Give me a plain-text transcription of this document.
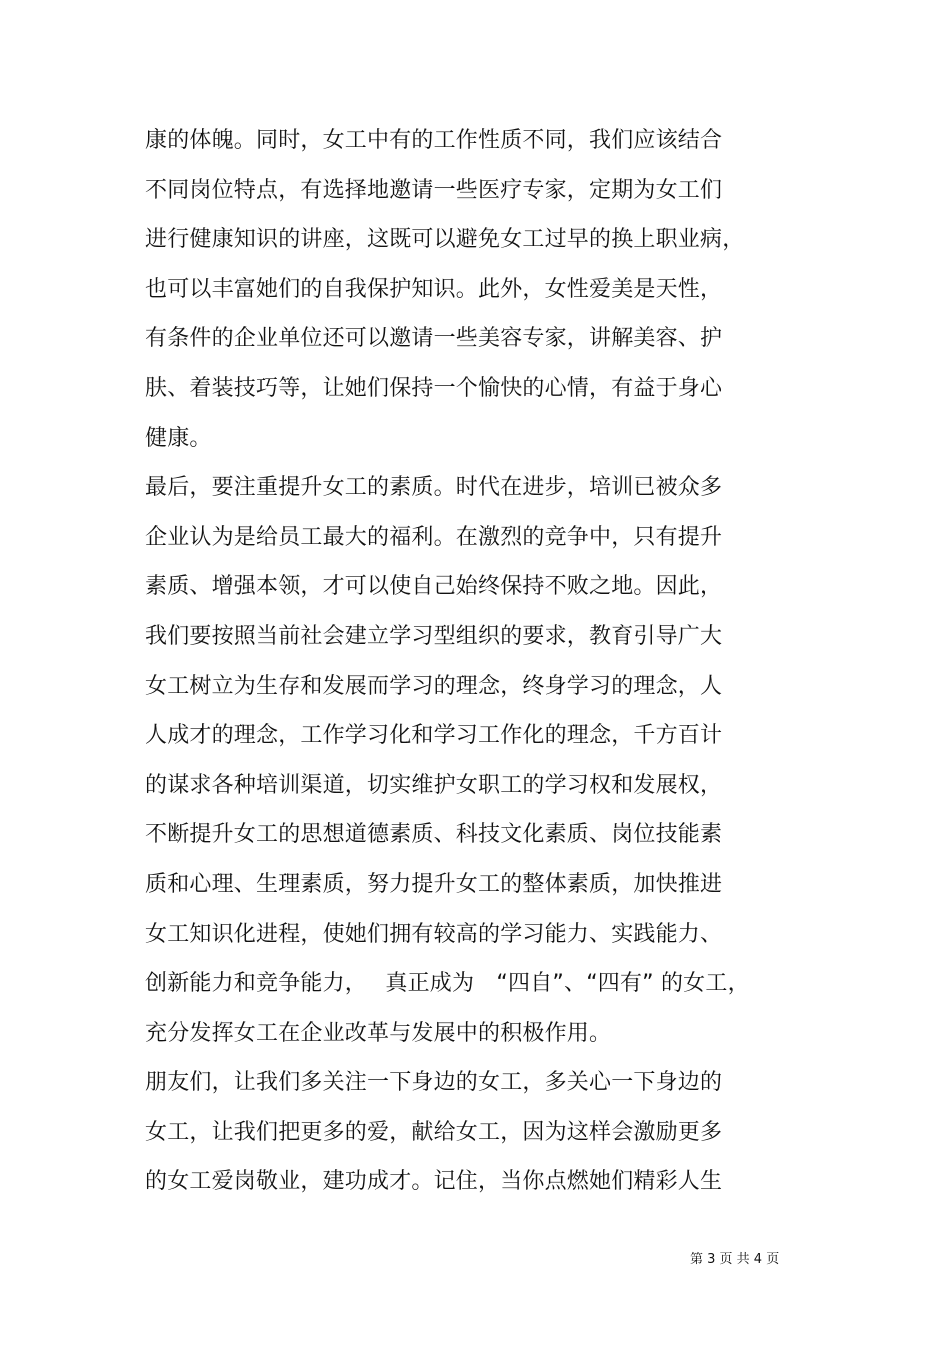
康的体魄。同时，女工中有的工作性质不同，我们应该结合
不同岗位特点，有选择地邀请一些医疗专家，定期为女工们
进行健康知识的讲座，这既可以避免女工过早的换上职业病，
也可以丰富她们的自我保护知识。此外，女性爱美是天性，
有条件的企业单位还可以邀请一些美容专家，讲解美容、护
肤、着装技巧等，让她们保持一个愉快的心情，有益于身心
健康。
最后，要注重提升女工的素质。时代在进步，培训已被众多
企业认为是给员工最大的福利。在激烈的竞争中，只有提升
素质、增强本领，才可以使自己始终保持不败之地。因此，
我们要按照当前社会建立学习型组织的要求，教育引导广大
女工树立为生存和发展而学习的理念，终身学习的理念，人
人成才的理念，工作学习化和学习工作化的理念，千方百计
的谋求各种培训渠道，切实维护女职工的学习权和发展权，
不断提升女工的思想道德素质、科技文化素质、岗位技能素
质和心理、生理素质，努力提升女工的整体素质，加快推进
女工知识化进程，使她们拥有较高的学习能力、实践能力、
创新能力和竞争能力，　 真正成为　“四自”、“四有” 的女工，
充分发挥女工在企业改革与发展中的积极作用。
朋友们，让我们多关注一下身边的女工，多关心一下身边的
女工，让我们把更多的爱，献给女工，因为这样会激励更多
的女工爱岗敬业，建功成才。记住，当你点燃她们精彩人生
第 3 页 共 4 页
